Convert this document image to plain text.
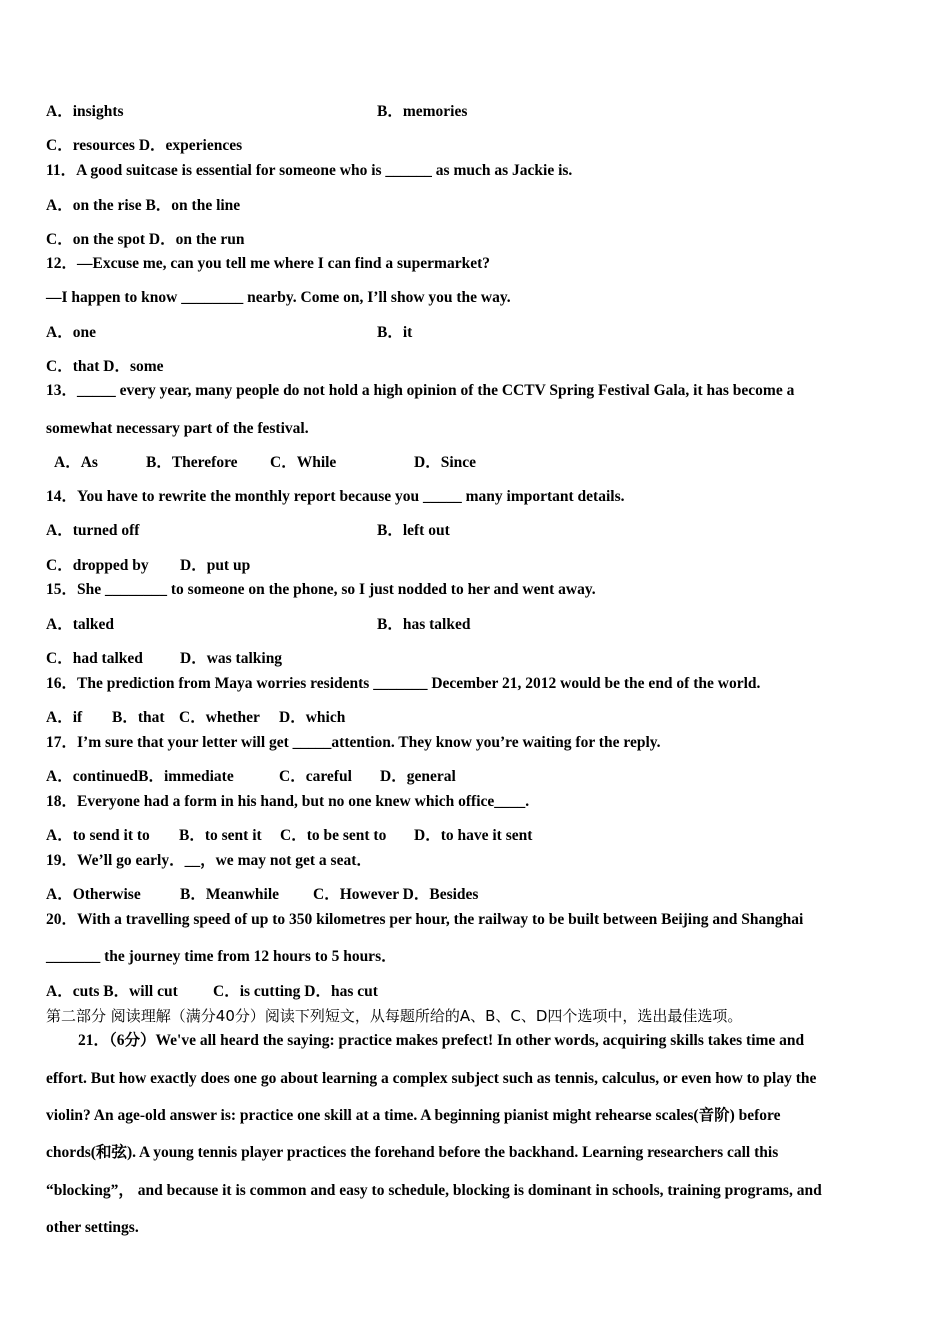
A．insights	B．memories
C．resources D．experiences
11．A good suitcase is essential for someone who is ______ as much as Jackie is.
A．on the rise B．on the line
C．on the spot D．on the run
12．—Excuse me, can you tell me where I can find a supermarket?
—I happen to know ________ nearby. Come on, I’ll show you the way.
A．one	B．it
C．that D．some
13．_____ every year, many people do not hold a high opinion of the CCTV Spring Festival Gala, it has become a
somewhat necessary part of the festival.
A．As	B．Therefore C．While	D．Since
14．You have to rewrite the monthly report because you _____ many important details.
A．turned off	B．left out
C．dropped by D．put up
15．She ________ to someone on the phone, so I just nodded to her and went away.
A．talked	B．has talked
C．had talked D．was talking
16．The prediction from Maya worries residents _______ December 21, 2012 would be the end of the world.
A．if B．that C．whether D．which
17．I’m sure that your letter will get _____attention. They know you’re waiting for the reply.
A．continuedB．immediate	C．careful D．general
18．Everyone had a form in his hand, but no one knew which office____.
A．to send it to B．to sent it C．to be sent to D．to have it sent
19．We’ll go early．__，we may not get a seat．
A．Otherwise	B．Meanwhile C．However D．Besides
20．With a travelling speed of up to 350 kilometres per hour, the railway to be built between Beijing and Shanghai
_______ the journey time from 12 hours to 5 hours．
A．cuts B．will cut C．is cutting D．has cut
第二部分 阅读理解（满分40分）阅读下列短文，从每题所给的A、B、C、D四个选项中，选出最佳选项。
21．（6分）We've all heard the saying: practice makes prefect! In other words, acquiring skills takes time and
effort. But how exactly does one go about learning a complex subject such as tennis, calculus, or even how to play the
violin? An age-old answer is: practice one skill at a time. A beginning pianist might rehearse scales(音阶) before
chords(和弦). A young tennis player practices the forehand before the backhand. Learning researchers call this
“blocking”， and because it is common and easy to schedule, blocking is dominant in schools, training programs, and
other settings.
